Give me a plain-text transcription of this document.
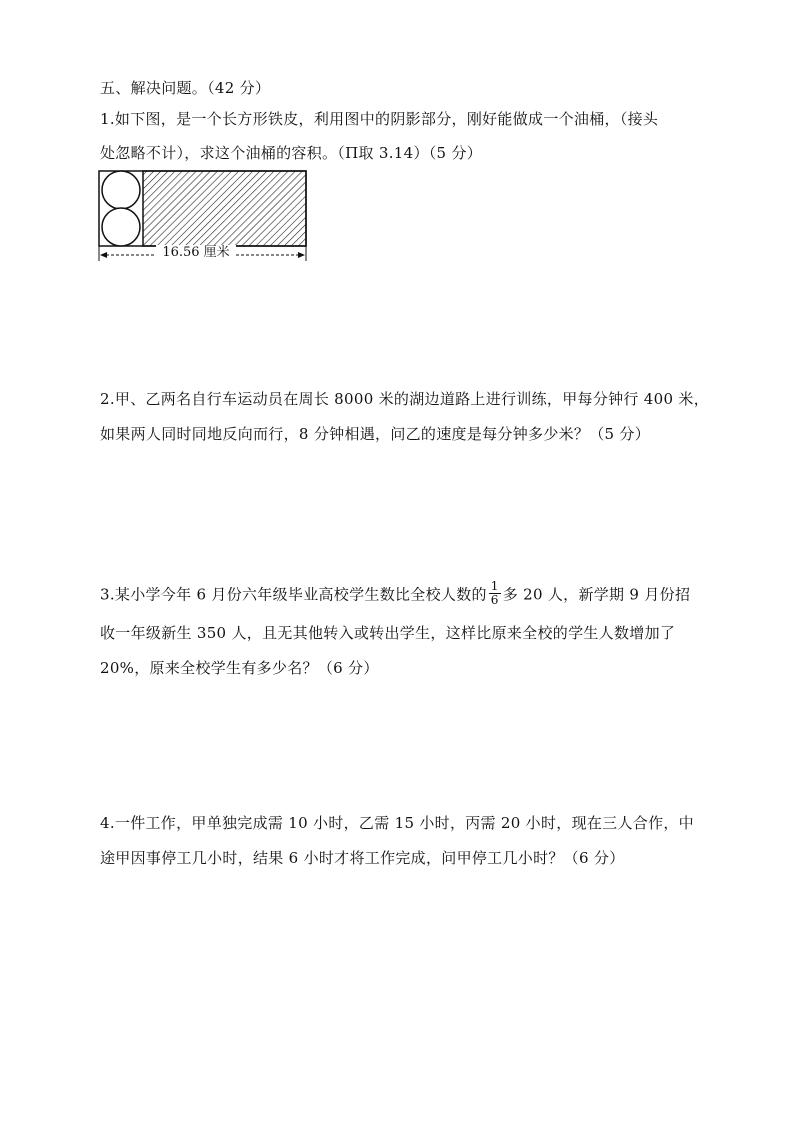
五、解决问题。（42 分）
1.如下图，是一个长方形铁皮，利用图中的阴影部分，刚好能做成一个油桶，（接头
处忽略不计），求这个油桶的容积。（Π取 3.14）（5 分）
16.56 厘米
2.甲、乙两名自行车运动员在周长 8000 米的湖边道路上进行训练，甲每分钟行 400 米，
如果两人同时同地反向而行，8 分钟相遇，问乙的速度是每分钟多少米？（5 分）
3.某小学今年 6 月份六年级毕业高校学生数比全校人数的 $\frac{1}{6}$ 多 20 人，新学期 9 月份招
收一年级新生 350 人，且无其他转入或转出学生，这样比原来全校的学生人数增加了
20%，原来全校学生有多少名？（6 分）
4.一件工作，甲单独完成需 10 小时，乙需 15 小时，丙需 20 小时，现在三人合作，中
途甲因事停工几小时，结果 6 小时才将工作完成，问甲停工几小时？（6 分）
